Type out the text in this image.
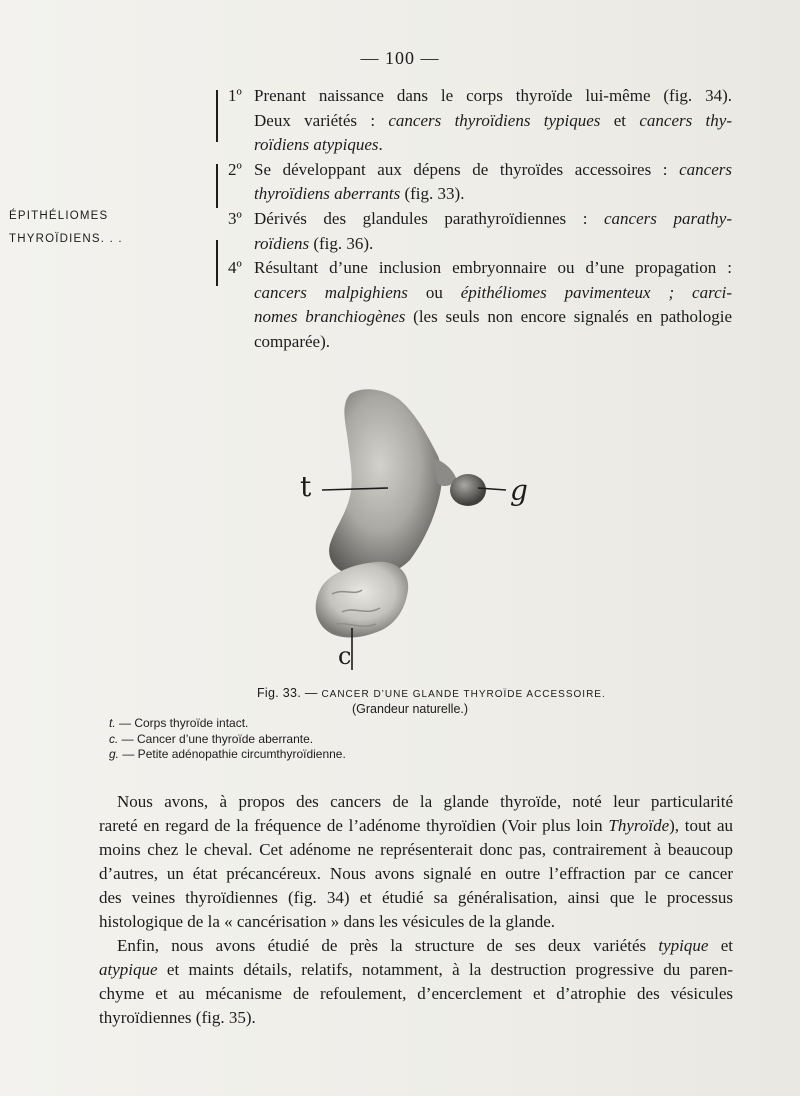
— 100 —
ÉPITHÉLIOMES
THYROÏDIENS. . .
1º Prenant naissance dans le corps thyroïde lui-même (fig. 34).
Deux variétés : cancers thyroïdiens typiques et cancers thy-
roïdiens atypiques.
2º Se développant aux dépens de thyroïdes accessoires : cancers
thyroïdiens aberrants (fig. 33).
3º Dérivés des glandules parathyroïdiennes : cancers parathy-
roïdiens (fig. 36).
4º Résultant d’une inclusion embryonnaire ou d’une propagation :
cancers malpighiens ou épithéliomes pavimenteux ; carci-
nomes branchiogènes (les seuls non encore signalés en pathologie
comparée).
t	g
c
Fig. 33. — CANCER D’UNE GLANDE THYROÏDE ACCESSOIRE.
(Grandeur naturelle.)
t. — Corps thyroïde intact.
c. — Cancer d’une thyroïde aberrante.
g. — Petite adénopathie circumthyroïdienne.
Nous avons, à propos des cancers de la glande thyroïde, noté leur particularité
rareté en regard de la fréquence de l’adénome thyroïdien (Voir plus loin Thyroïde), tout au
moins chez le cheval. Cet adénome ne représenterait donc pas, contrairement à beaucoup
d’autres, un état précancéreux. Nous avons signalé en outre l’effraction par ce cancer
des veines thyroïdiennes (fig. 34) et étudié sa généralisation, ainsi que le processus
histologique de la « cancérisation » dans les vésicules de la glande.
Enfin, nous avons étudié de près la structure de ses deux variétés typique et
atypique et maints détails, relatifs, notamment, à la destruction progressive du paren-
chyme et au mécanisme de refoulement, d’encerclement et d’atrophie des vésicules
thyroïdiennes (fig. 35).
